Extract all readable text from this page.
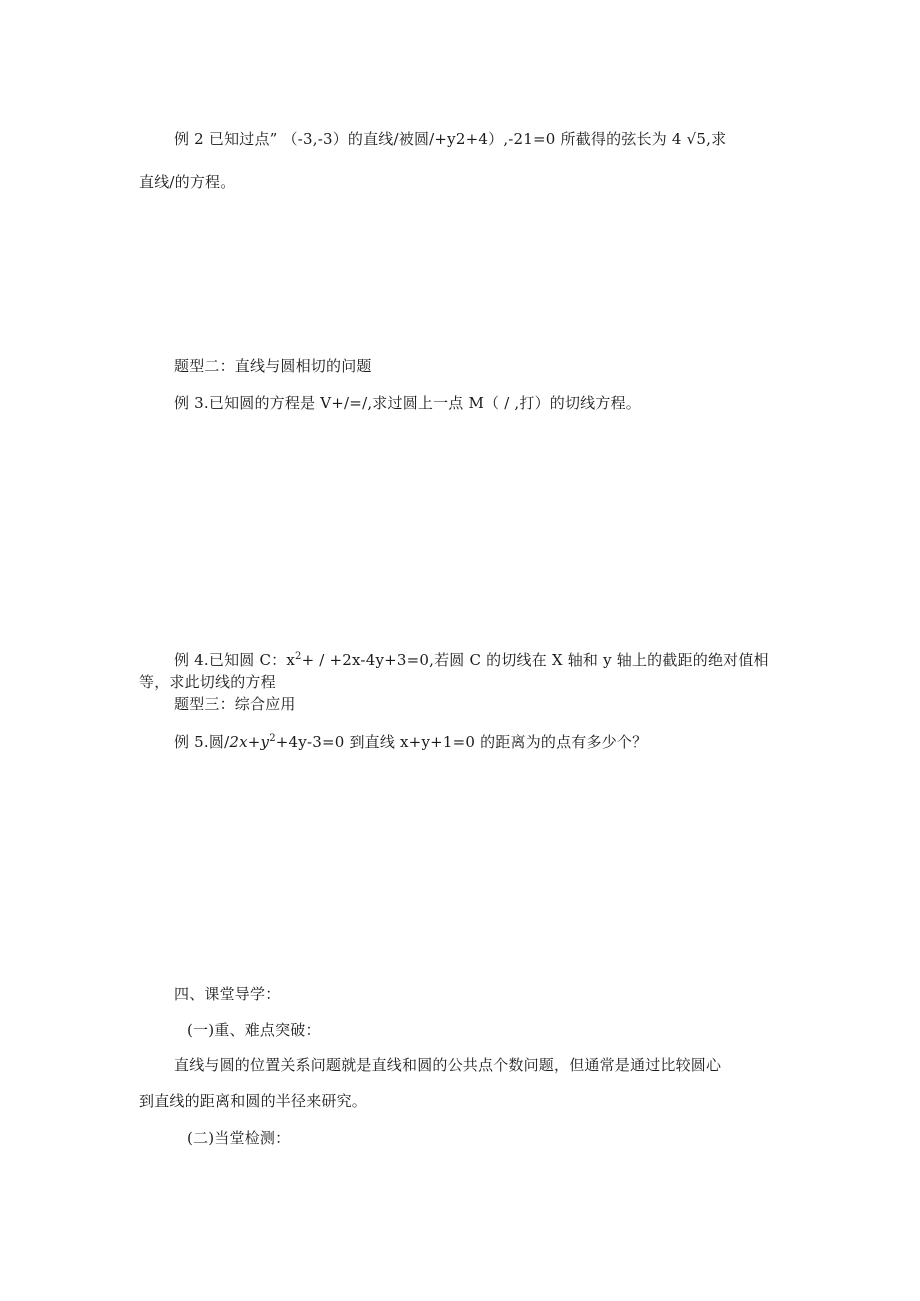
例 2 已知过点” （-3,-3）的直线/被圆/+y2+4）,-21=0 所截得的弦长为 4 √5,求
直线/的方程。
题型二：直线与圆相切的问题
例 3.已知圆的方程是 V+/=/,求过圆上一点 M（ / ,打）的切线方程。
例 4.已知圆 C：$x^2+ / +2x-4y+3=0$,若圆 C 的切线在 X 轴和 y 轴上的截距的绝对值相
等，求此切线的方程
题型三：综合应用
例 5.圆$/2x+y^2+4y-3=0$ 到直线 x+y+1=0 的距离为的点有多少个？
四、课堂导学：
(一)重、难点突破：
直线与圆的位置关系问题就是直线和圆的公共点个数问题，但通常是通过比较圆心
到直线的距离和圆的半径来研究。
(二)当堂检测：
